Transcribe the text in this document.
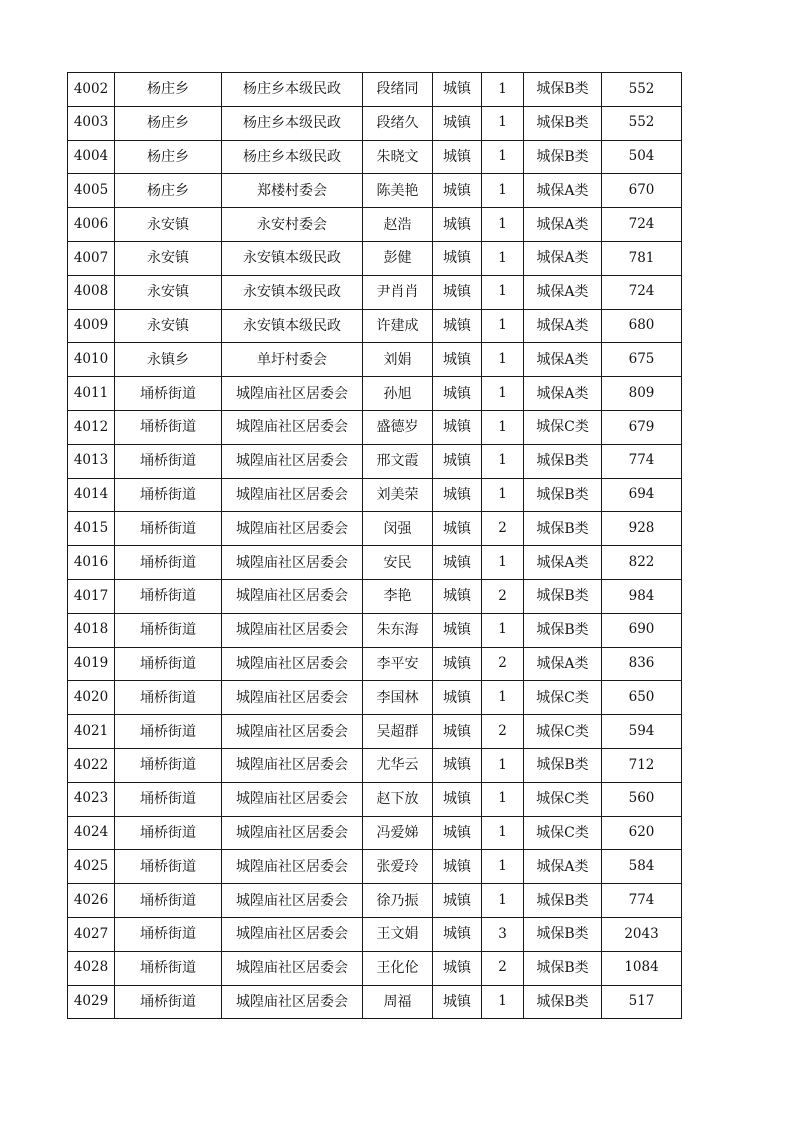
4002	杨庄乡	杨庄乡本级民政	段绪同	城镇	1	城保B类	552
4003	杨庄乡	杨庄乡本级民政	段绪久	城镇	1	城保B类	552
4004	杨庄乡	杨庄乡本级民政	朱晓文	城镇	1	城保B类	504
4005	杨庄乡	郑楼村委会	陈美艳	城镇	1	城保A类	670
4006	永安镇	永安村委会	赵浩	城镇	1	城保A类	724
4007	永安镇	永安镇本级民政	彭健	城镇	1	城保A类	781
4008	永安镇	永安镇本级民政	尹肖肖	城镇	1	城保A类	724
4009	永安镇	永安镇本级民政	许建成	城镇	1	城保A类	680
4010	永镇乡	单圩村委会	刘娟	城镇	1	城保A类	675
4011	埇桥街道	城隍庙社区居委会	孙旭	城镇	1	城保A类	809
4012	埇桥街道	城隍庙社区居委会	盛德岁	城镇	1	城保C类	679
4013	埇桥街道	城隍庙社区居委会	邢文霞	城镇	1	城保B类	774
4014	埇桥街道	城隍庙社区居委会	刘美荣	城镇	1	城保B类	694
4015	埇桥街道	城隍庙社区居委会	闵强	城镇	2	城保B类	928
4016	埇桥街道	城隍庙社区居委会	安民	城镇	1	城保A类	822
4017	埇桥街道	城隍庙社区居委会	李艳	城镇	2	城保B类	984
4018	埇桥街道	城隍庙社区居委会	朱东海	城镇	1	城保B类	690
4019	埇桥街道	城隍庙社区居委会	李平安	城镇	2	城保A类	836
4020	埇桥街道	城隍庙社区居委会	李国林	城镇	1	城保C类	650
4021	埇桥街道	城隍庙社区居委会	吴超群	城镇	2	城保C类	594
4022	埇桥街道	城隍庙社区居委会	尤华云	城镇	1	城保B类	712
4023	埇桥街道	城隍庙社区居委会	赵下放	城镇	1	城保C类	560
4024	埇桥街道	城隍庙社区居委会	冯爱娣	城镇	1	城保C类	620
4025	埇桥街道	城隍庙社区居委会	张爱玲	城镇	1	城保A类	584
4026	埇桥街道	城隍庙社区居委会	徐乃振	城镇	1	城保B类	774
4027	埇桥街道	城隍庙社区居委会	王文娟	城镇	3	城保B类	2043
4028	埇桥街道	城隍庙社区居委会	王化伦	城镇	2	城保B类	1084
4029	埇桥街道	城隍庙社区居委会	周福	城镇	1	城保B类	517
